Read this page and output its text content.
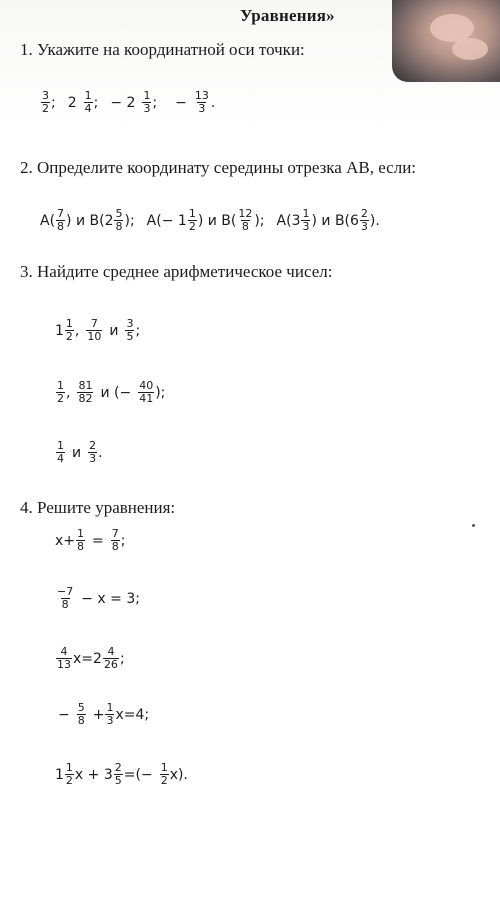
Уравнения»
1. Укажите на координатной оси точки:
$\frac{3}{2}$ ; $2 \frac{1}{4}$ ; − $2 \frac{1}{3}$ ; − $\frac{13}{3}$ .
2. Определите координату середины отрезка АВ, если:
$A( \frac{7}{8}$ ) и $B(2 \frac{5}{8}$ ); $A(- 1 \frac{1}{2}$ ) и $B( \frac{12}{8}$ ); $A(3 \frac{1}{3}$ ) и $B(6 \frac{2}{3}$ ).
3. Найдите среднее арифметическое чисел:
$1 \frac{1}{2}$ , $\frac{7}{10}$ и $\frac{3}{5}$ ;
$\frac{1}{2}$ , $\frac{81}{82}$ и (− $\frac{40}{41}$ );
$\frac{1}{4}$ и $\frac{2}{3}$ .
4. Решите уравнения:
$x+ \frac{1}{8} = \frac{7}{8}$ ;
$\frac{-7}{8} - x = 3$;
$\frac{4}{13} x=2 \frac{4}{26}$ ;
− $\frac{5}{8} + \frac{1}{3} x=4$;
$1 \frac{1}{2}$ $x + 3 \frac{2}{5}$ =(− $\frac{1}{2} x$).
